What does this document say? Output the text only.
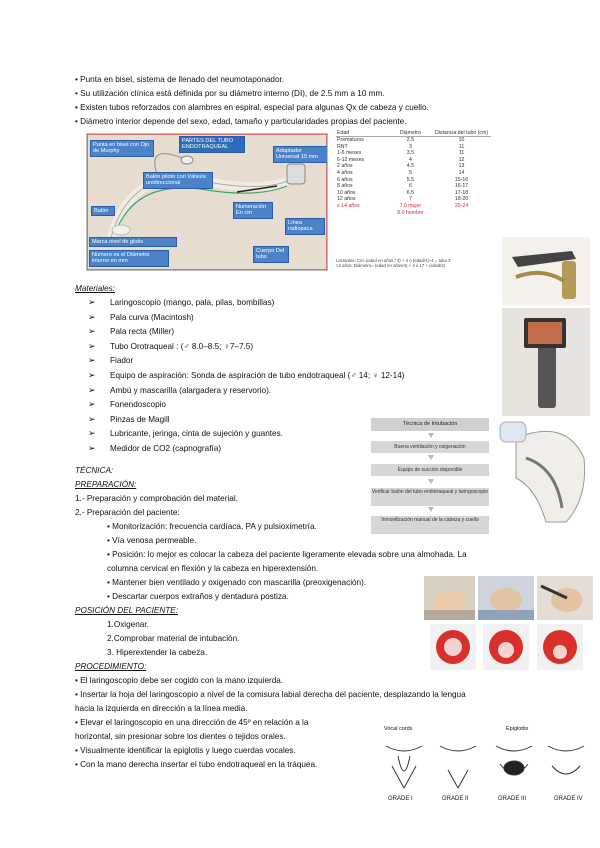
• Punta en bisel, sistema de llenado del neumotaponador.
• Su utilización clínica está definida por su diámetro interno (DI), de 2.5 mm a 10 mm.
• Existen tubos reforzados con alambres en espiral, especial para algunas Qx de cabeza y cuello.
• Diámetro interior depende del sexo, edad, tamaño y particularidades propias del paciente.
Punta en bisel con Ojo de Murphy
PARTES DEL TUBO ENDOTRAQUEAL
Adaptador Universal 15 mm
Balón piloto con Válvula unidireccional
Numeración En cm
Balón
Línea radiopaca
Marca nivel de glotis
Número es el Diámetro interno en mm
Cuerpo Del tubo
Edad	Diámetro	Distancia del tubo (cm)
Prematuros	2.5	10
RNT	3	11
1-6 meses	3.5	11
6-12 meses	4	12
2 años	4.5	13
4 años	5	14
6 años	5.5	15-16
8 años	6	16-17
10 años	6.5	17-18
12 años	7	18-20
≥ 14 años	7.0 mujer	20-24
	8.0 hombre	
Lactantes: Circ.(edad en años / 4) + 4 ó (edad/4)+4 = tubo 3
>2 años: Diámetro= (edad en años/4) + 4 ó 17 + (edad/2)
Materiales:
➢ Laringoscopio (mango, pala, pilas, bombillas)
➢ Pala curva (Macintosh)
➢ Pala recta (Miller)
➢ Tubo Orotraqueal : (♂ 8.0–8.5; ♀7–7.5)
➢ Fiador
➢ Equipo de aspiración: Sonda de aspiración de tubo endotraqueal (♂ 14; ♀ 12-14)
➢ Ambú y mascarilla (alargadera y reservorio).
➢ Fonendoscopio
➢ Pinzas de Magill
➢ Lubricante, jeringa, cinta de sujeción y guantes.
➢ Medidor de CO2 (capnografía)
Técnica de Intubación
Buena ventilación y oxigenación
Equipo de succión disponible
Verificar balón del tubo endotraqueal y laringoscopio
Inmovilización manual de la cabeza y cuello
TÉCNICA:
PREPARACIÓN:
1.- Preparación y comprobación del material.
2.- Preparación del paciente:
• Monitorización: frecuencia cardíaca, PA y pulsioximetría.
• Vía venosa permeable.
• Posición: lo mejor es colocar la cabeza del paciente ligeramente elevada sobre una almohada. La
columna cervical en flexión y la cabeza en hiperextensión.
• Mantener bien ventilado y oxigenado con mascarilla (preoxigenación).
• Descartar cuerpos extraños y dentadura postiza.
POSICIÓN DEL PACIENTE:
1.Oxigenar.
2.Comprobar material de intubación.
3. Hiperextender la cabeza.
PROCEDIMIENTO:
• El laringoscopio debe ser cogido con la mano izquierda.
• Insertar la hoja del laringoscopio a nivel de la comisura labial derecha del paciente, desplazando la lengua
hacia la izquierda en dirección a la línea media.
• Elevar el laringoscopio en una dirección de 45º en relación a la
horizontal, sin presionar sobre los dientes o tejidos orales.
• Visualmente identificar la epiglotis y luego cuerdas vocales.
• Con la mano derecha insertar el tubo endotraqueal en la tráquea.
Vocal cords	Epiglottis
GRADE I	GRADE II	GRADE III	GRADE IV
